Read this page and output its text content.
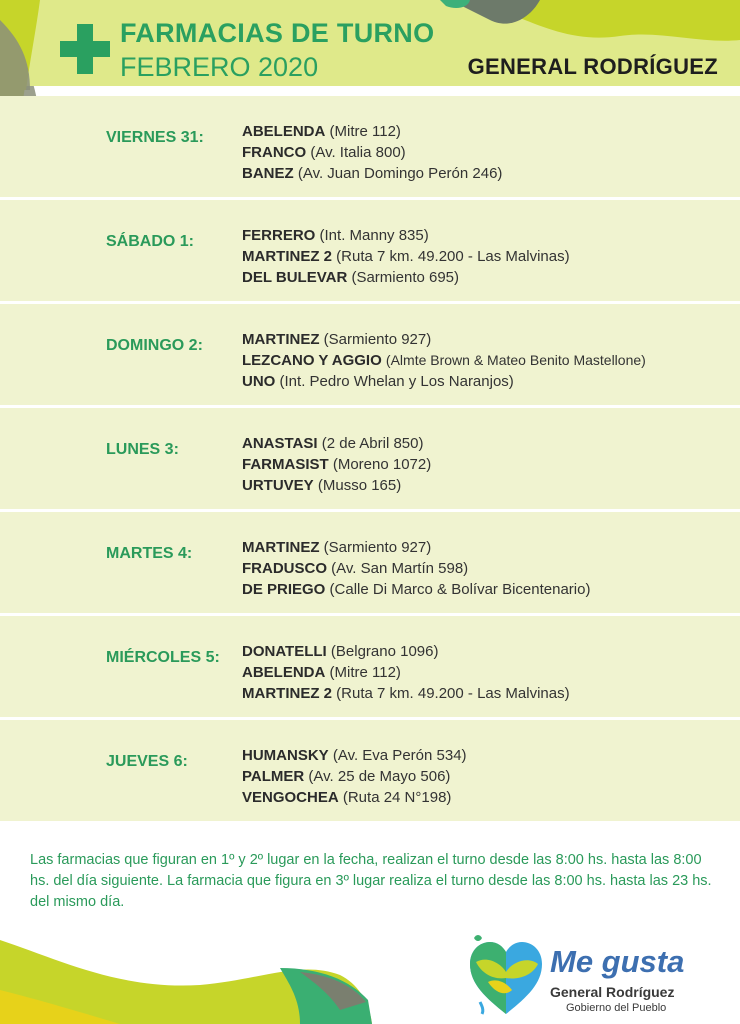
FARMACIAS DE TURNO
FEBRERO 2020	GENERAL RODRÍGUEZ
VIERNES 31:	ABELENDA (Mitre 112)
FRANCO (Av. Italia 800)
BANEZ (Av. Juan Domingo Perón 246)
SÁBADO 1:	FERRERO (Int. Manny 835)
MARTINEZ 2 (Ruta 7 km. 49.200 - Las Malvinas)
DEL BULEVAR (Sarmiento 695)
DOMINGO 2:	MARTINEZ (Sarmiento 927)
LEZCANO Y AGGIO (Almte Brown & Mateo Benito Mastellone)
UNO (Int. Pedro Whelan y Los Naranjos)
LUNES 3:	ANASTASI (2 de Abril 850)
FARMASIST (Moreno 1072)
URTUVEY (Musso 165)
MARTES 4:	MARTINEZ (Sarmiento 927)
FRADUSCO (Av. San Martín 598)
DE PRIEGO (Calle Di Marco & Bolívar Bicentenario)
MIÉRCOLES 5: DONATELLI (Belgrano 1096)
ABELENDA (Mitre 112)
MARTINEZ 2 (Ruta 7 km. 49.200 - Las Malvinas)
JUEVES 6:	HUMANSKY (Av. Eva Perón 534)
PALMER (Av. 25 de Mayo 506)
VENGOCHEA (Ruta 24 N°198)
Las farmacias que figuran en 1º y 2º lugar en la fecha, realizan el turno desde las 8:00 hs. hasta las 8:00 hs. del día siguiente. La farmacia que figura en 3º lugar realiza el turno desde las 8:00 hs. hasta las 23 hs. del mismo día.
Me gusta
General Rodríguez
Gobierno del Pueblo
